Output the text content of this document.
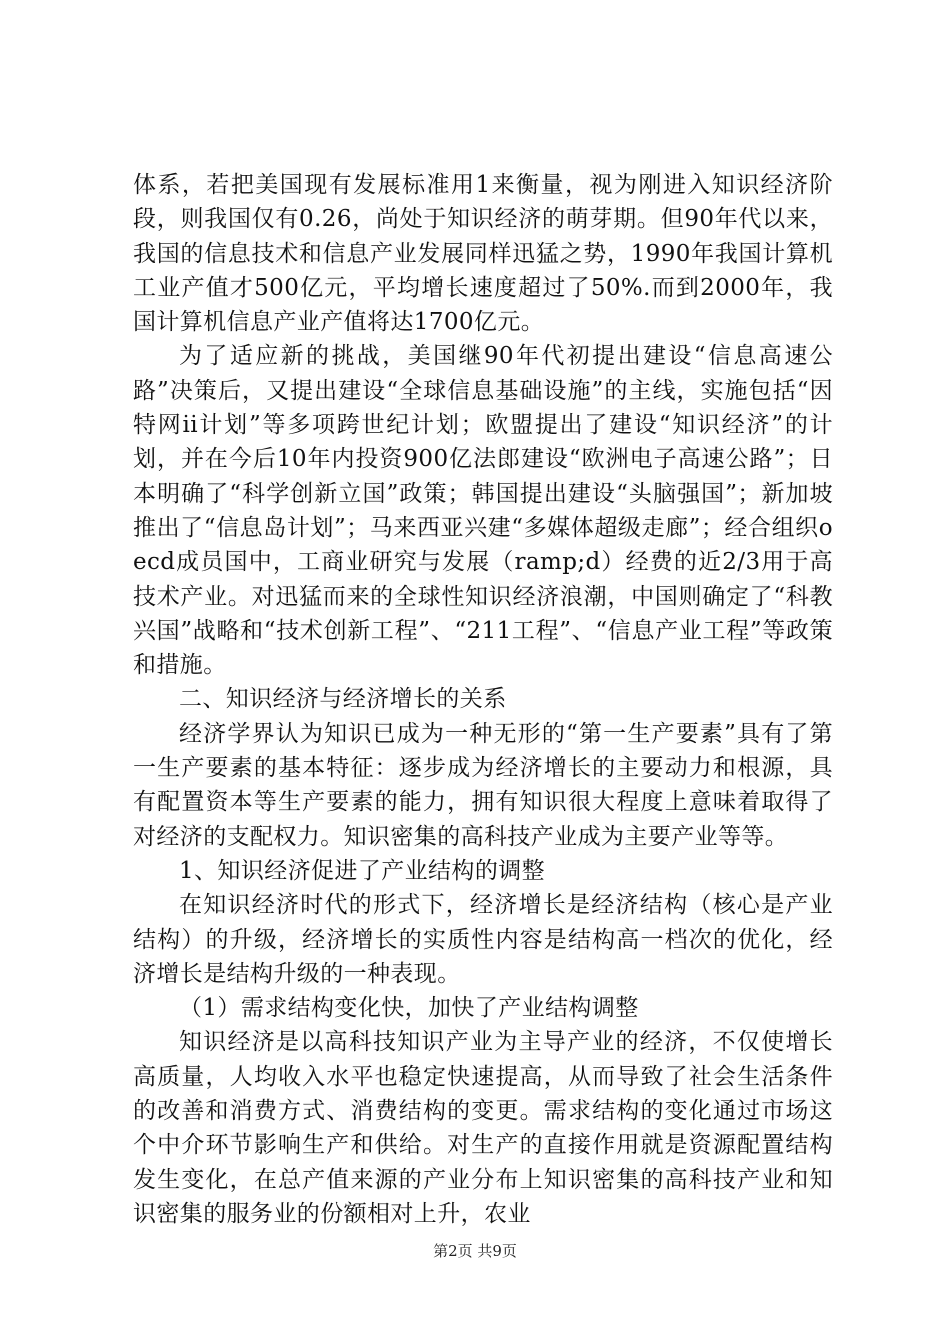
体系，若把美国现有发展标准用1来衡量，视为刚进入知识经济阶段，则我国仅有0.26，尚处于知识经济的萌芽期。但90年代以来，我国的信息技术和信息产业发展同样迅猛之势，1990年我国计算机工业产值才500亿元，平均增长速度超过了50%.而到2000年，我国计算机信息产业产值将达1700亿元。

为了适应新的挑战，美国继90年代初提出建设“信息高速公路”决策后，又提出建设“全球信息基础设施”的主线，实施包括“因特网ii计划”等多项跨世纪计划；欧盟提出了建设“知识经济”的计划，并在今后10年内投资900亿法郎建设“欧洲电子高速公路”；日本明确了“科学创新立国”政策；韩国提出建设“头脑强国”；新加坡推出了“信息岛计划”；马来西亚兴建“多媒体超级走廊”；经合组织oecd成员国中，工商业研究与发展（ramp;d）经费的近2/3用于高技术产业。对迅猛而来的全球性知识经济浪潮，中国则确定了“科教兴国”战略和“技术创新工程”、“211工程”、“信息产业工程”等政策和措施。

二、知识经济与经济增长的关系

经济学界认为知识已成为一种无形的“第一生产要素”具有了第一生产要素的基本特征：逐步成为经济增长的主要动力和根源，具有配置资本等生产要素的能力，拥有知识很大程度上意味着取得了对经济的支配权力。知识密集的高科技产业成为主要产业等等。

1、知识经济促进了产业结构的调整

在知识经济时代的形式下，经济增长是经济结构（核心是产业结构）的升级，经济增长的实质性内容是结构高一档次的优化，经济增长是结构升级的一种表现。

（1）需求结构变化快，加快了产业结构调整

知识经济是以高科技知识产业为主导产业的经济，不仅使增长高质量，人均收入水平也稳定快速提高，从而导致了社会生活条件的改善和消费方式、消费结构的变更。需求结构的变化通过市场这个中介环节影响生产和供给。对生产的直接作用就是资源配置结构发生变化，在总产值来源的产业分布上知识密集的高科技产业和知识密集的服务业的份额相对上升，农业

第2页 共9页
